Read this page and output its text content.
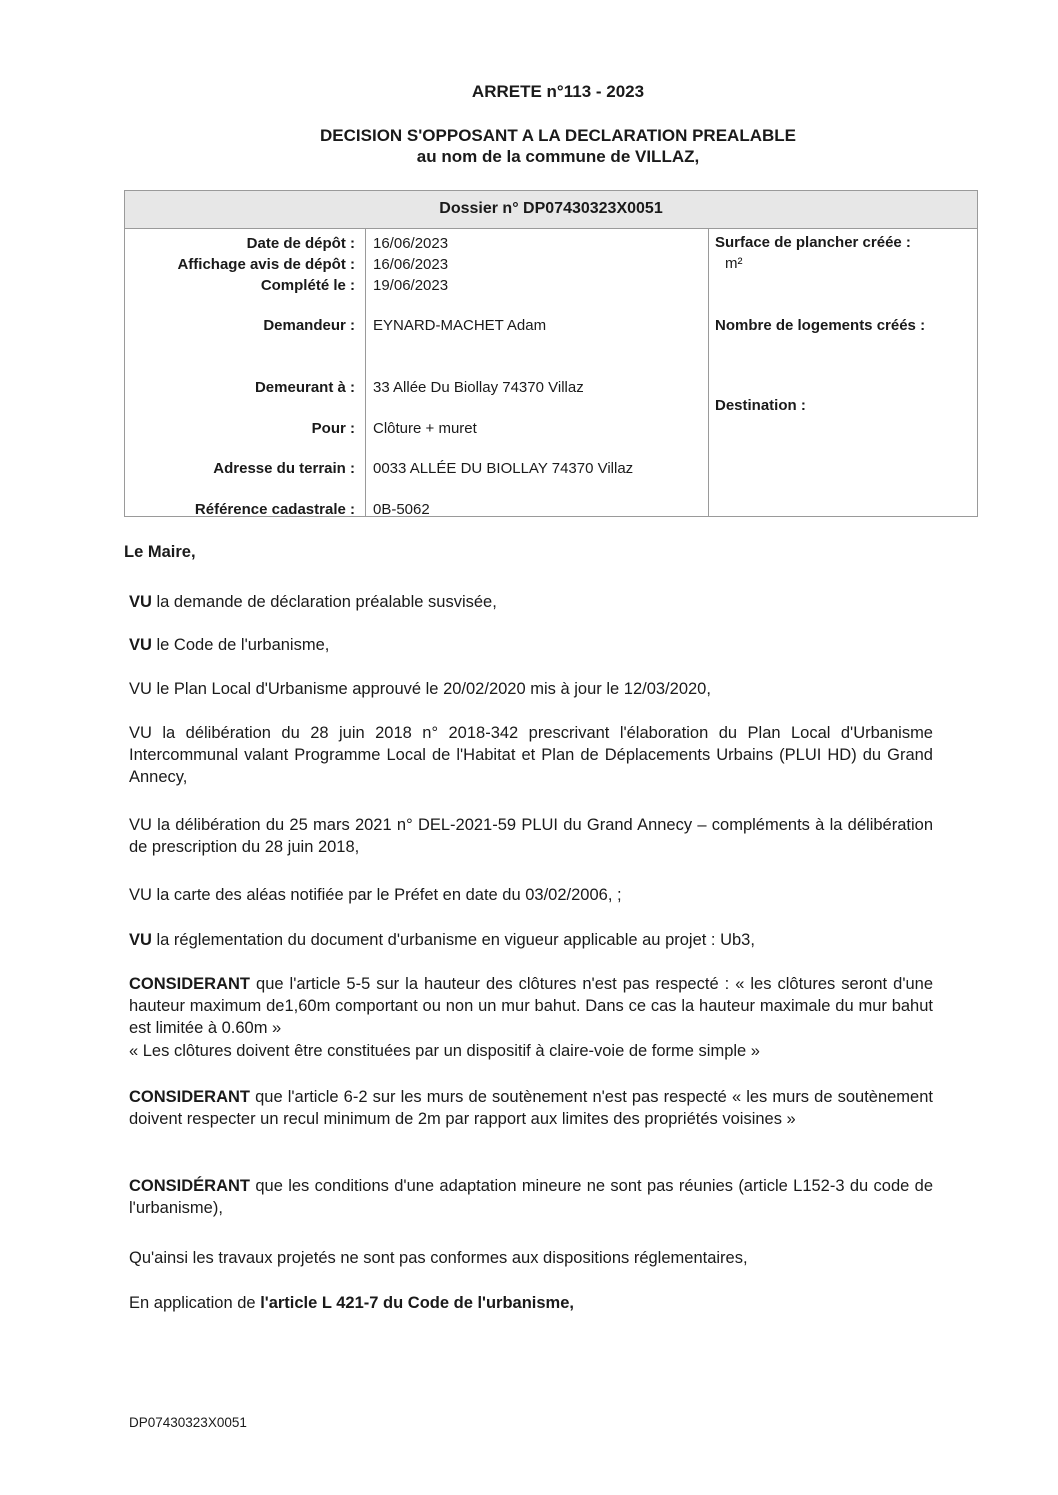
ARRETE n°113 - 2023
DECISION S'OPPOSANT A LA DECLARATION PREALABLE
au nom de la commune de VILLAZ,
Dossier n° DP07430323X0051
Date de dépôt : 16/06/2023
Affichage avis de dépôt : 16/06/2023
Complété le : 19/06/2023
Demandeur : EYNARD-MACHET Adam
Demeurant à : 33 Allée Du Biollay 74370 Villaz
Pour : Clôture + muret
Adresse du terrain : 0033 ALLÉE DU BIOLLAY 74370 Villaz
Référence cadastrale : 0B-5062
Surface de plancher créée :
m²
Nombre de logements créés :
Destination :

Le Maire,

VU la demande de déclaration préalable susvisée,

VU le Code de l'urbanisme,

VU le Plan Local d'Urbanisme approuvé le 20/02/2020 mis à jour le 12/03/2020,

VU la délibération du 28 juin 2018 n° 2018-342 prescrivant l'élaboration du Plan Local d'Urbanisme Intercommunal valant Programme Local de l'Habitat et Plan de Déplacements Urbains (PLUI HD) du Grand Annecy,

VU la délibération du 25 mars 2021 n° DEL-2021-59 PLUI du Grand Annecy – compléments à la délibération de prescription du 28 juin 2018,

VU la carte des aléas notifiée par le Préfet en date du 03/02/2006, ;

VU la réglementation du document d'urbanisme en vigueur applicable au projet : Ub3,

CONSIDERANT que l'article 5-5 sur la hauteur des clôtures n'est pas respecté : « les clôtures seront d'une hauteur maximum de1,60m comportant ou non un mur bahut. Dans ce cas la hauteur maximale du mur bahut est limitée à 0.60m »

« Les clôtures doivent être constituées par un dispositif à claire-voie de forme simple »

CONSIDERANT que l'article 6-2 sur les murs de soutènement n'est pas respecté « les murs de soutènement doivent respecter un recul minimum de 2m par rapport aux limites des propriétés voisines »

CONSIDÉRANT que les conditions d'une adaptation mineure ne sont pas réunies (article L152-3 du code de l'urbanisme),

Qu'ainsi les travaux projetés ne sont pas conformes aux dispositions réglementaires,

En application de l'article L 421-7 du Code de l'urbanisme,

DP07430323X0051
